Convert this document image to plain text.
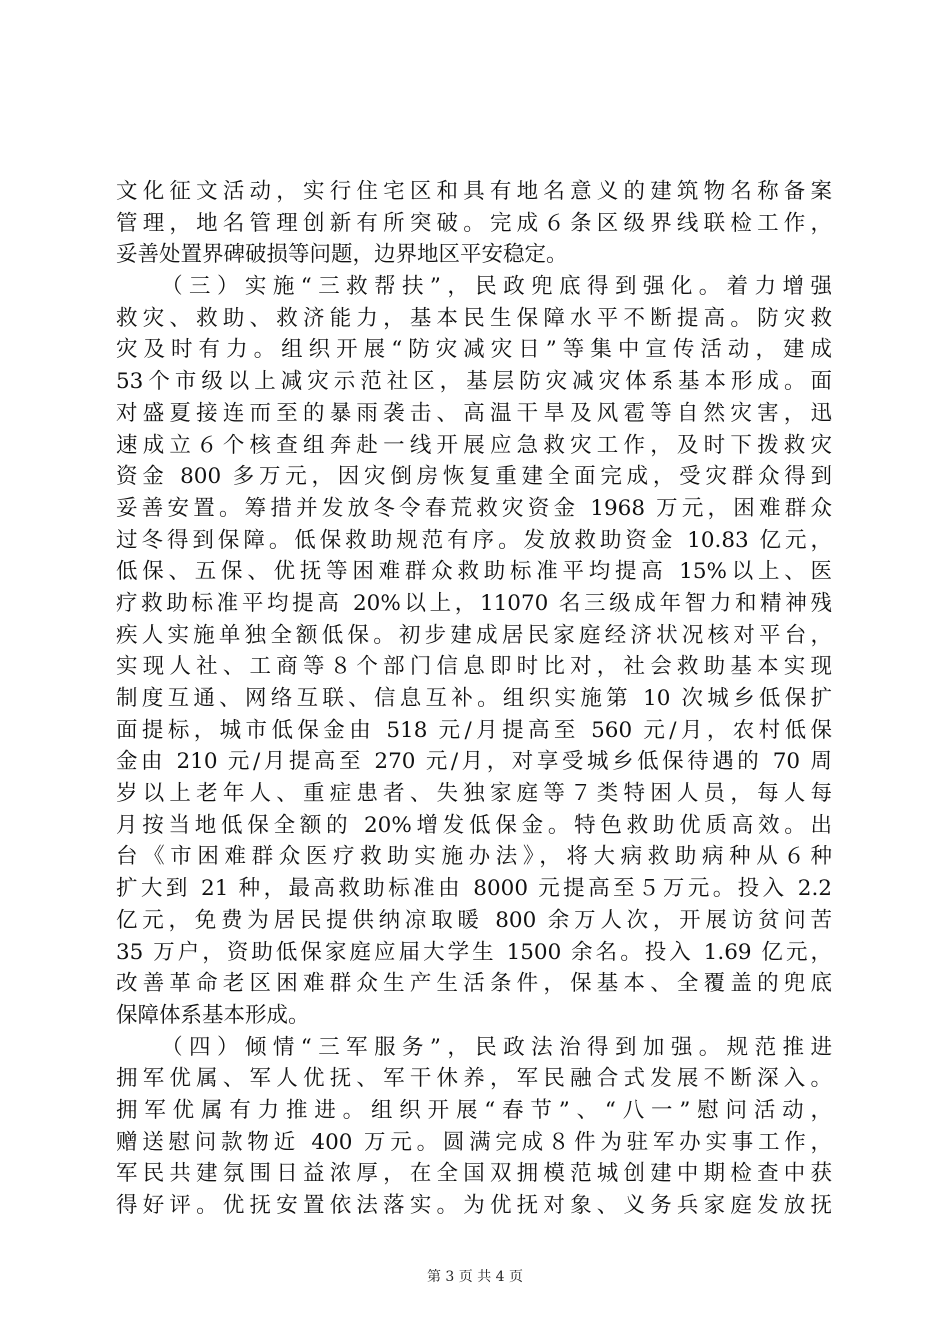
文化征文活动，实行住宅区和具有地名意义的建筑物名称备案
管理，地名管理创新有所突破。完成６条区级界线联检工作，
妥善处置界碑破损等问题，边界地区平安稳定。
　　（三）实施“三救帮扶”，民政兜底得到强化。着力增强
救灾、救助、救济能力，基本民生保障水平不断提高。防灾救
灾及时有力。组织开展“防灾减灾日”等集中宣传活动，建成
53个市级以上减灾示范社区，基层防灾减灾体系基本形成。面
对盛夏接连而至的暴雨袭击、高温干旱及风雹等自然灾害，迅
速成立６个核查组奔赴一线开展应急救灾工作，及时下拨救灾
资金 800 多万元，因灾倒房恢复重建全面完成，受灾群众得到
妥善安置。筹措并发放冬令春荒救灾资金 1968 万元，困难群众
过冬得到保障。低保救助规范有序。发放救助资金 10.83 亿元，
低保、五保、优抚等困难群众救助标准平均提高 15%以上、医
疗救助标准平均提高 20%以上，11070 名三级成年智力和精神残
疾人实施单独全额低保。初步建成居民家庭经济状况核对平台，
实现人社、工商等８个部门信息即时比对，社会救助基本实现
制度互通、网络互联、信息互补。组织实施第 10 次城乡低保扩
面提标，城市低保金由 518 元/月提高至 560 元/月，农村低保
金由 210 元/月提高至 270 元/月，对享受城乡低保待遇的 70 周
岁以上老年人、重症患者、失独家庭等７类特困人员，每人每
月按当地低保全额的 20%增发低保金。特色救助优质高效。出
台《市困难群众医疗救助实施办法》，将大病救助病种从６种
扩大到 21 种，最高救助标准由 8000 元提高至５万元。投入 2.2
亿元，免费为居民提供纳凉取暖 800 余万人次，开展访贫问苦
35 万户，资助低保家庭应届大学生 1500 余名。投入 1.69 亿元，
改善革命老区困难群众生产生活条件，保基本、全覆盖的兜底
保障体系基本形成。
　　（四）倾情“三军服务”，民政法治得到加强。规范推进
拥军优属、军人优抚、军干休养，军民融合式发展不断深入。
拥军优属有力推进。组织开展“春节”、“八一”慰问活动，
赠送慰问款物近 400 万元。圆满完成８件为驻军办实事工作，
军民共建氛围日益浓厚，在全国双拥模范城创建中期检查中获
得好评。优抚安置依法落实。为优抚对象、义务兵家庭发放抚
第 3 页 共 4 页
